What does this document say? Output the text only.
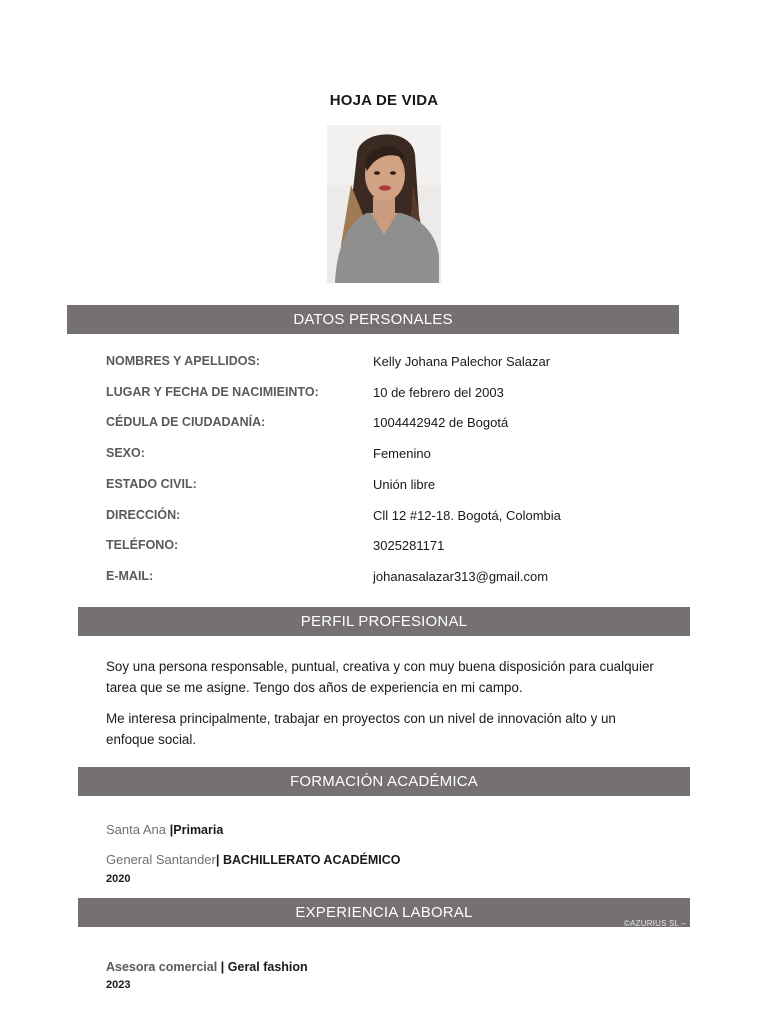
HOJA DE VIDA
DATOS PERSONALES
NOMBRES Y APELLIDOS:	Kelly Johana Palechor Salazar
LUGAR Y FECHA DE NACIMIEINTO:	10 de febrero del 2003
CÉDULA DE CIUDADANÍA:	1004442942 de Bogotá
SEXO:	Femenino
ESTADO CIVIL:	Unión libre
DIRECCIÓN:	Cll 12 #12-18. Bogotá, Colombia
TELÉFONO:	3025281171
E-MAIL:	johanasalazar313@gmail.com
PERFIL PROFESIONAL
Soy una persona responsable, puntual, creativa y con muy buena disposición para cualquier tarea que se me asigne. Tengo dos años de experiencia en mi campo.
Me interesa principalmente, trabajar en proyectos con un nivel de innovación alto y un enfoque social.
FORMACIÓN ACADÉMICA
Santa Ana |Primaria
General Santander| BACHILLERATO ACADÉMICO
2020
EXPERIENCIA LABORAL
©AZURIUS SL –
Asesora comercial | Geral fashion
2023
